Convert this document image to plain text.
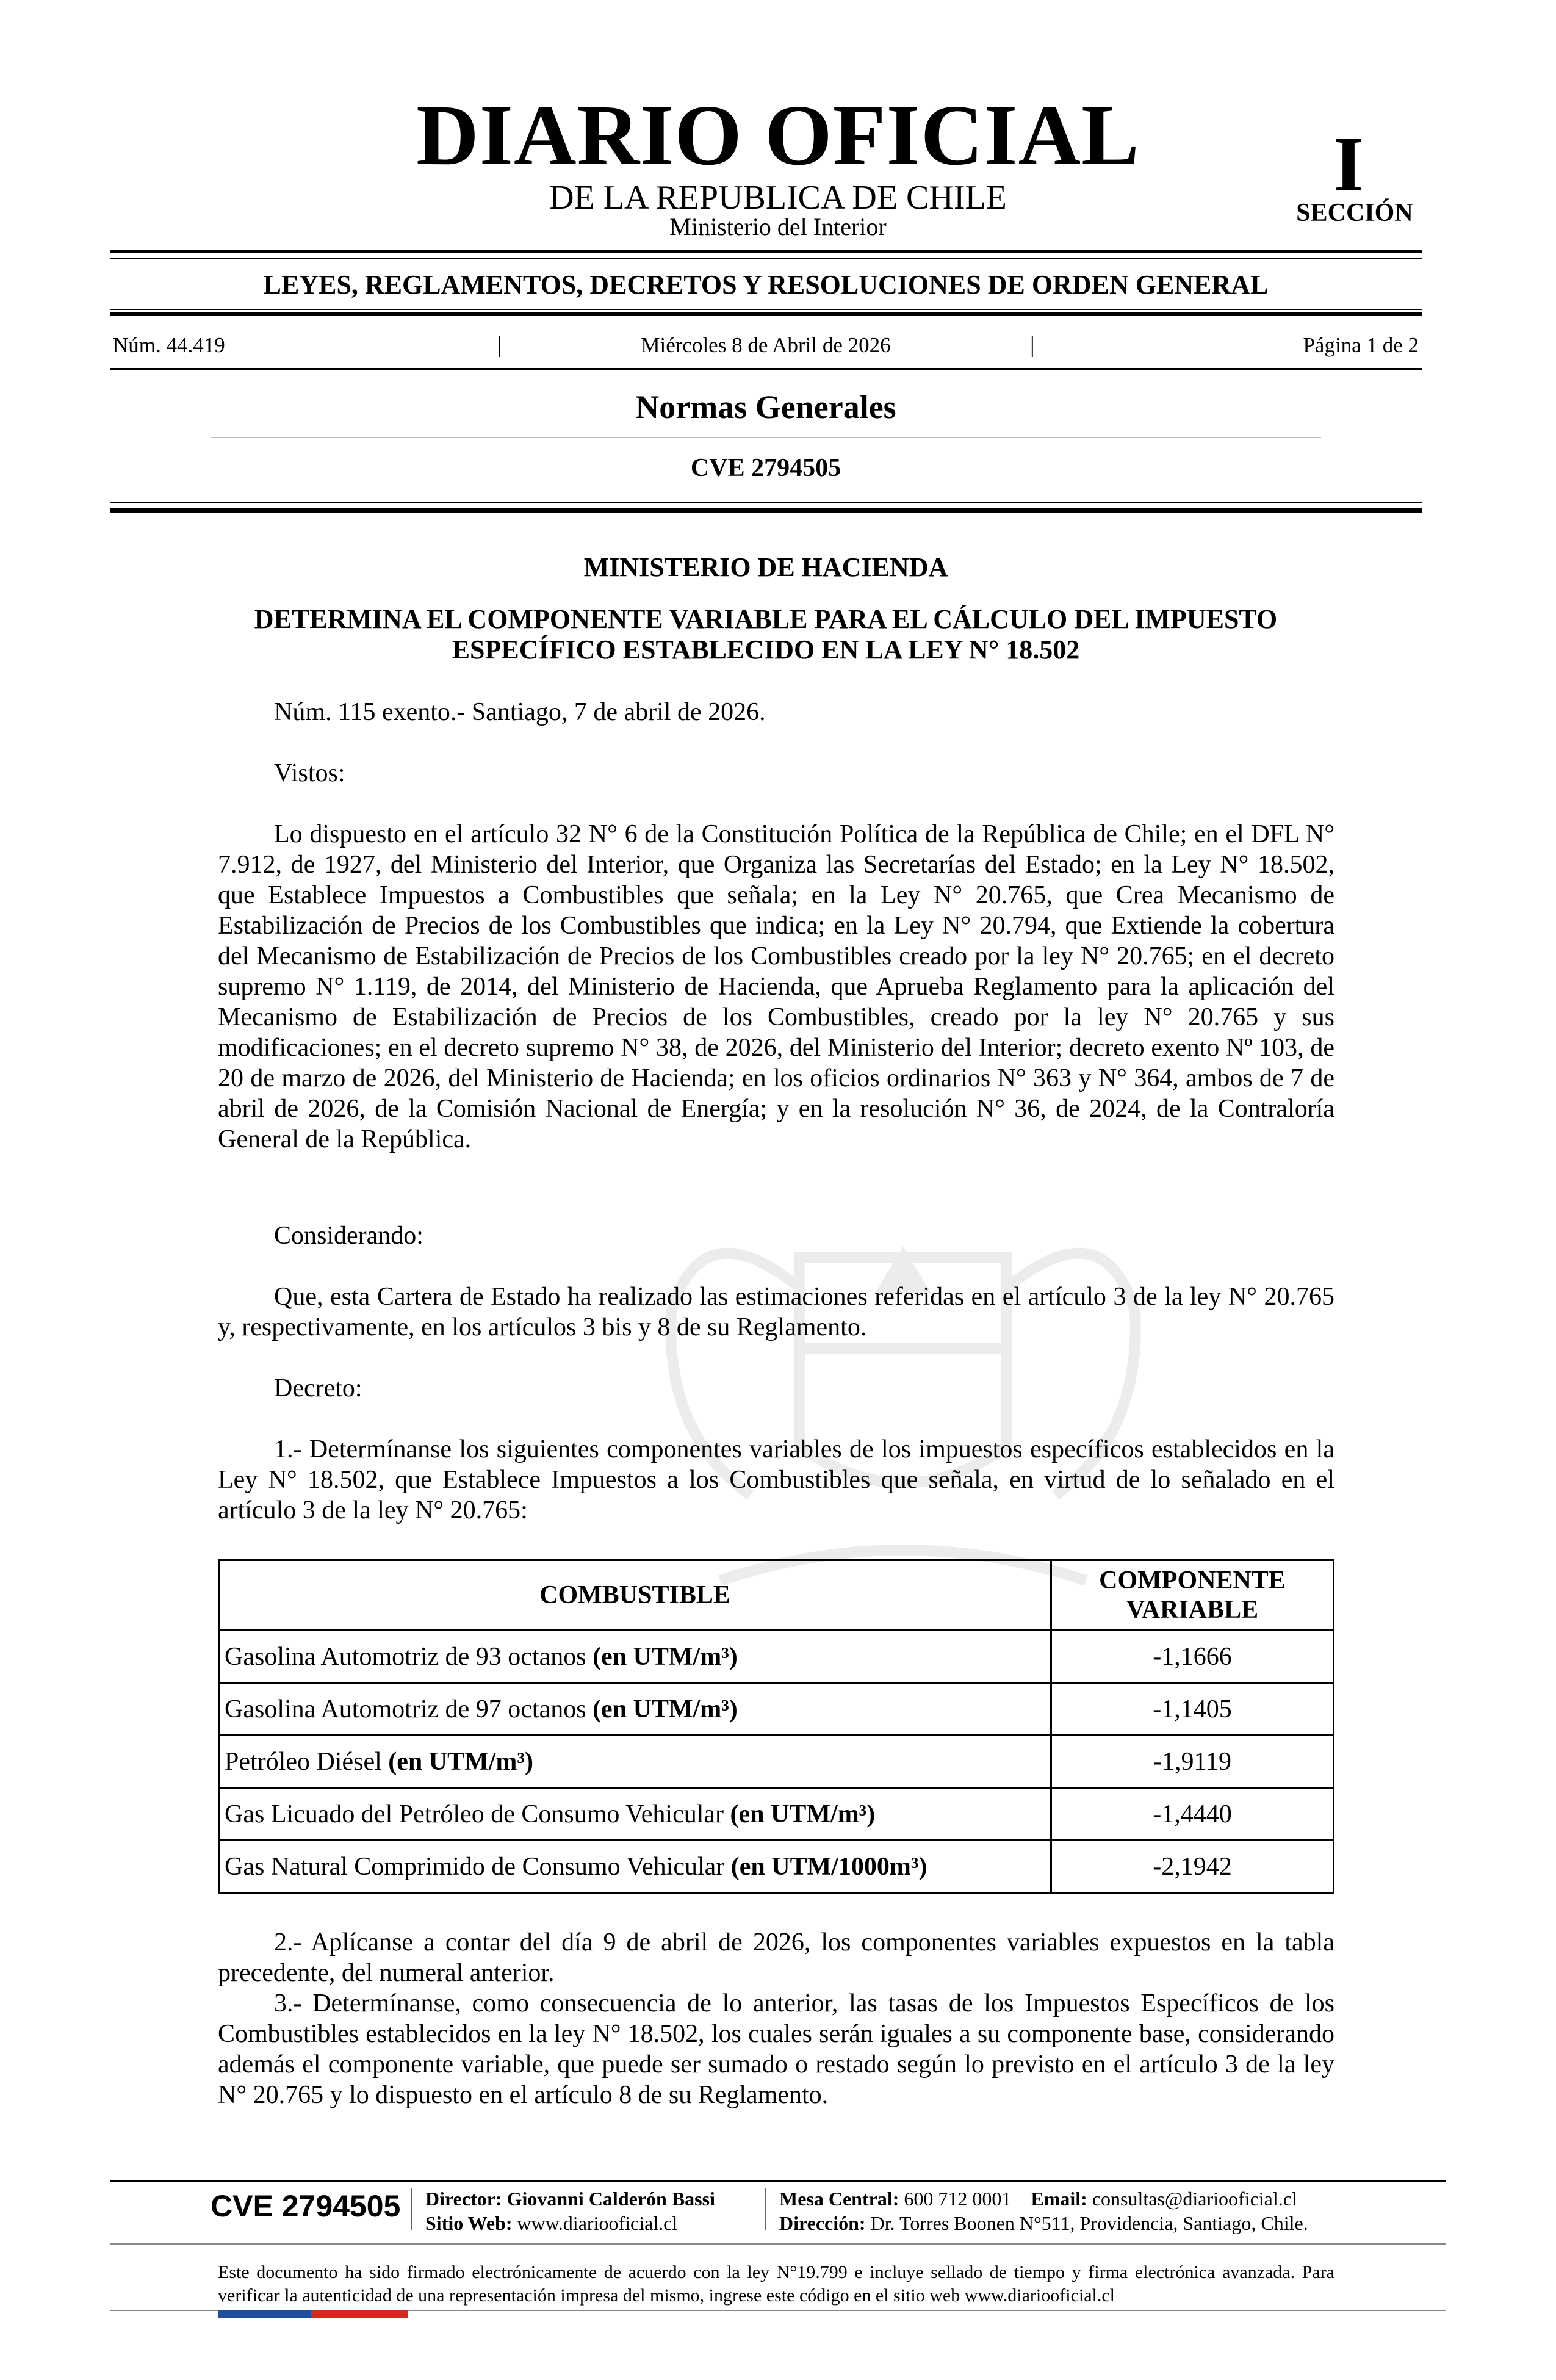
DIARIO OFICIAL
DE LA REPUBLICA DE CHILE
Ministerio del Interior
I
SECCIÓN
LEYES, REGLAMENTOS, DECRETOS Y RESOLUCIONES DE ORDEN GENERAL
Núm. 44.419	|	Miércoles 8 de Abril de 2026	|	Página 1 de 2
Normas Generales
CVE 2794505
MINISTERIO DE HACIENDA
DETERMINA EL COMPONENTE VARIABLE PARA EL CÁLCULO DEL IMPUESTO ESPECÍFICO ESTABLECIDO EN LA LEY N° 18.502
Núm. 115 exento.- Santiago, 7 de abril de 2026.
Vistos:
Lo dispuesto en el artículo 32 N° 6 de la Constitución Política de la República de Chile; en el DFL N° 7.912, de 1927, del Ministerio del Interior, que Organiza las Secretarías del Estado; en la Ley N° 18.502, que Establece Impuestos a Combustibles que señala; en la Ley N° 20.765, que Crea Mecanismo de Estabilización de Precios de los Combustibles que indica; en la Ley N° 20.794, que Extiende la cobertura del Mecanismo de Estabilización de Precios de los Combustibles creado por la ley N° 20.765; en el decreto supremo N° 1.119, de 2014, del Ministerio de Hacienda, que Aprueba Reglamento para la aplicación del Mecanismo de Estabilización de Precios de los Combustibles, creado por la ley N° 20.765 y sus modificaciones; en el decreto supremo N° 38, de 2026, del Ministerio del Interior; decreto exento Nº 103, de 20 de marzo de 2026, del Ministerio de Hacienda; en los oficios ordinarios N° 363 y N° 364, ambos de 7 de abril de 2026, de la Comisión Nacional de Energía; y en la resolución N° 36, de 2024, de la Contraloría General de la República.
Considerando:
Que, esta Cartera de Estado ha realizado las estimaciones referidas en el artículo 3 de la ley N° 20.765 y, respectivamente, en los artículos 3 bis y 8 de su Reglamento.
Decreto:
1.- Determínanse los siguientes componentes variables de los impuestos específicos establecidos en la Ley N° 18.502, que Establece Impuestos a los Combustibles que señala, en virtud de lo señalado en el artículo 3 de la ley N° 20.765:
COMBUSTIBLE	COMPONENTE VARIABLE
Gasolina Automotriz de 93 octanos (en UTM/m³)	-1,1666
Gasolina Automotriz de 97 octanos (en UTM/m³)	-1,1405
Petróleo Diésel (en UTM/m³)	-1,9119
Gas Licuado del Petróleo de Consumo Vehicular (en UTM/m³)	-1,4440
Gas Natural Comprimido de Consumo Vehicular (en UTM/1000m³)	-2,1942
2.- Aplícanse a contar del día 9 de abril de 2026, los componentes variables expuestos en la tabla precedente, del numeral anterior.
3.- Determínanse, como consecuencia de lo anterior, las tasas de los Impuestos Específicos de los Combustibles establecidos en la ley N° 18.502, los cuales serán iguales a su componente base, considerando además el componente variable, que puede ser sumado o restado según lo previsto en el artículo 3 de la ley N° 20.765 y lo dispuesto en el artículo 8 de su Reglamento.
CVE 2794505 Director: Giovanni Calderón Bassi
Sitio Web: www.diariooficial.cl
Mesa Central: 600 712 0001 Email: consultas@diariooficial.cl
Dirección: Dr. Torres Boonen N°511, Providencia, Santiago, Chile.
Este documento ha sido firmado electrónicamente de acuerdo con la ley N°19.799 e incluye sellado de tiempo y firma electrónica avanzada. Para verificar la autenticidad de una representación impresa del mismo, ingrese este código en el sitio web www.diariooficial.cl
